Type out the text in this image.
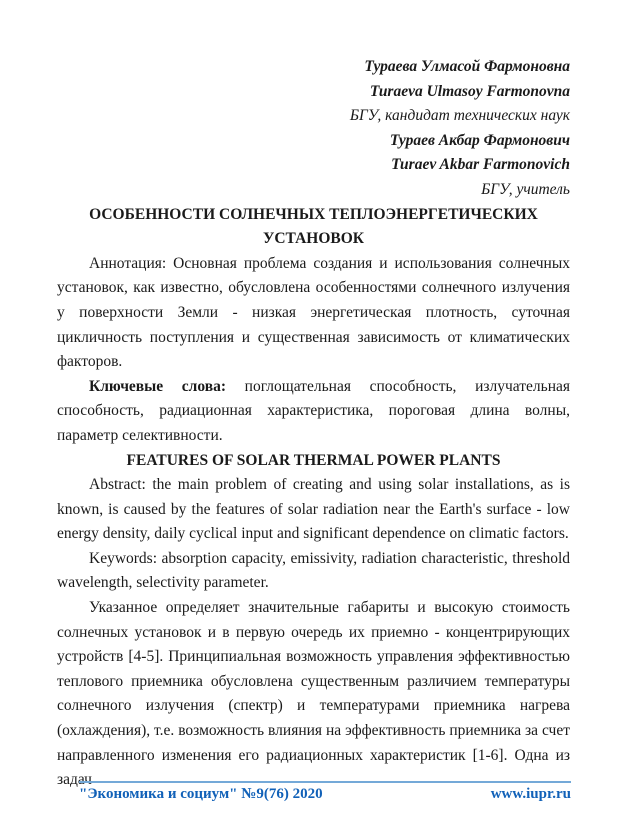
Тураева Улмасой Фармоновна

Turaeva Ulmasoy Farmonovna

БГУ, кандидат технических наук

Тураев Акбар Фармонович

Turaev Akbar Farmonovich

БГУ, учитель

ОСОБЕННОСТИ СОЛНЕЧНЫХ ТЕПЛОЭНЕРГЕТИЧЕСКИХ УСТАНОВОК

Аннотация: Основная проблема создания и использования солнечных установок, как известно, обусловлена особенностями солнечного излучения у поверхности Земли - низкая энергетическая плотность, суточная цикличность поступления и существенная зависимость от климатических факторов.

Ключевые слова: поглощательная способность, излучательная способность, радиационная характеристика, пороговая длина волны, параметр селективности.

FEATURES OF SOLAR THERMAL POWER PLANTS

Abstract: the main problem of creating and using solar installations, as is known, is caused by the features of solar radiation near the Earth's surface - low energy density, daily cyclical input and significant dependence on climatic factors.

Keywords: absorption capacity, emissivity, radiation characteristic, threshold wavelength, selectivity parameter.

Указанное определяет значительные габариты и высокую стоимость солнечных установок и в первую очередь их приемно - концентрирующих устройств [4-5]. Принципиальная возможность управления эффективностью теплового приемника обусловлена существенным различием температуры солнечного излучения (спектр) и температурами приемника нагрева (охлаждения), т.е. возможность влияния на эффективность приемника за счет направленного изменения его радиационных характеристик [1-6]. Одна из задач

"Экономика и социум" №9(76) 2020	www.iupr.ru
